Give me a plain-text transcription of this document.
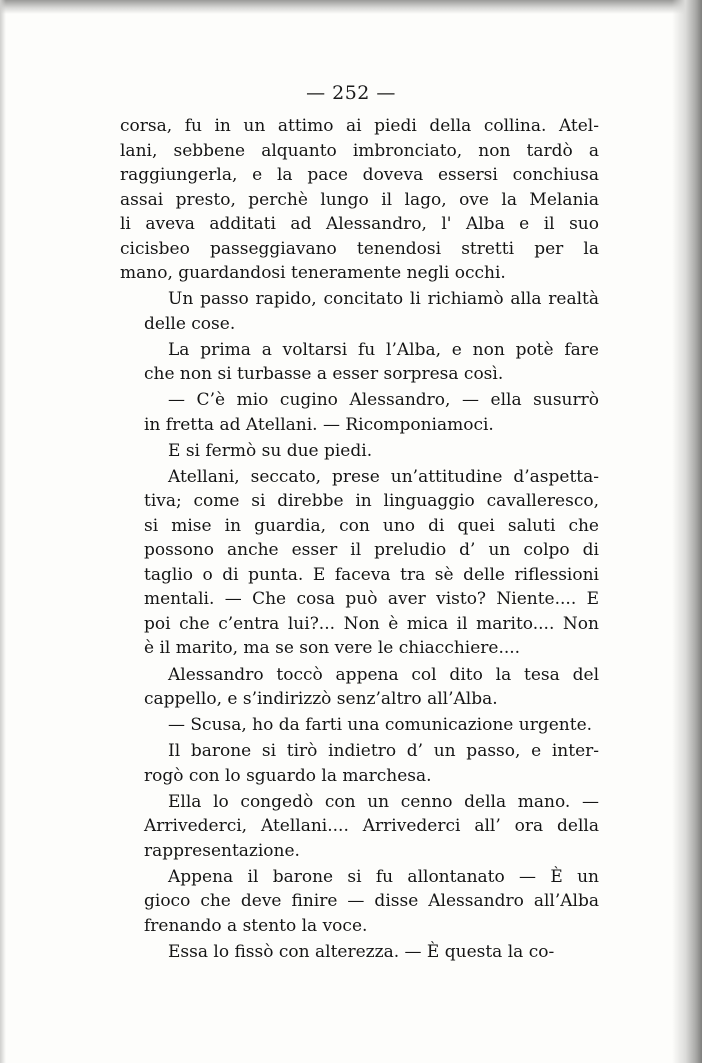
— 252 —
corsa, fu in un attimo ai piedi della collina. Atel-
lani, sebbene alquanto imbronciato, non tardò a
raggiungerla, e la pace doveva essersi conchiusa
assai presto, perchè lungo il lago, ove la Melania
li aveva additati ad Alessandro, l' Alba e il suo
cicisbeo passeggiavano tenendosi stretti per la
mano, guardandosi teneramente negli occhi.
Un passo rapido, concitato li richiamò alla realtà
delle cose.
La prima a voltarsi fu l’Alba, e non potè fare
che non si turbasse a esser sorpresa così.
— C’è mio cugino Alessandro, — ella susurrò
in fretta ad Atellani. — Ricomponiamoci.
E si fermò su due piedi.
Atellani, seccato, prese un’attitudine d’aspetta-
tiva; come si direbbe in linguaggio cavalleresco,
si mise in guardia, con uno di quei saluti che
possono anche esser il preludio d’ un colpo di
taglio o di punta. E faceva tra sè delle riflessioni
mentali. — Che cosa può aver visto? Niente.... E
poi che c’entra lui?... Non è mica il marito.... Non
è il marito, ma se son vere le chiacchiere....
Alessandro toccò appena col dito la tesa del
cappello, e s’indirizzò senz’altro all’Alba.
— Scusa, ho da farti una comunicazione urgente.
Il barone si tirò indietro d’ un passo, e inter-
rogò con lo sguardo la marchesa.
Ella lo congedò con un cenno della mano. —
Arrivederci, Atellani.... Arrivederci all’ ora della
rappresentazione.
Appena il barone si fu allontanato — È un
gioco che deve finire — disse Alessandro all’Alba
frenando a stento la voce.
Essa lo fissò con alterezza. — È questa la co-
